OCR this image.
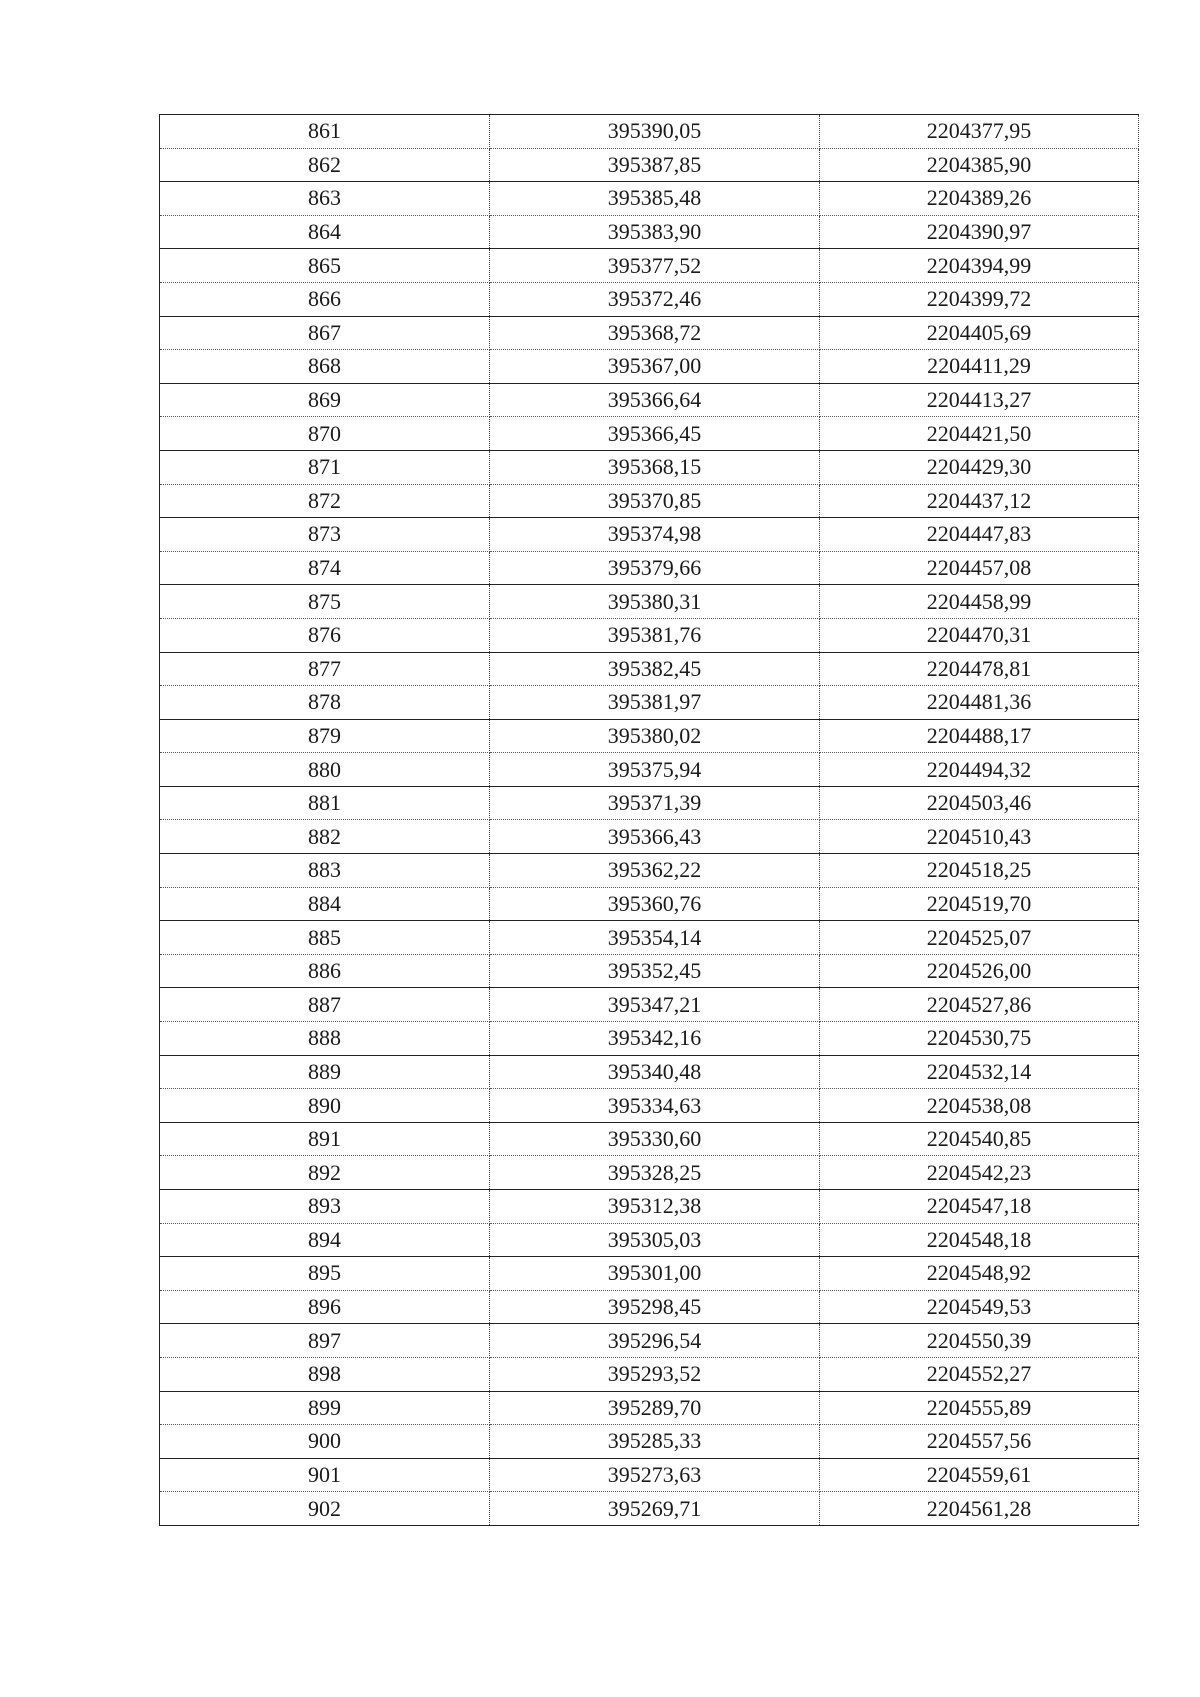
861	395390,05	2204377,95
862	395387,85	2204385,90
863	395385,48	2204389,26
864	395383,90	2204390,97
865	395377,52	2204394,99
866	395372,46	2204399,72
867	395368,72	2204405,69
868	395367,00	2204411,29
869	395366,64	2204413,27
870	395366,45	2204421,50
871	395368,15	2204429,30
872	395370,85	2204437,12
873	395374,98	2204447,83
874	395379,66	2204457,08
875	395380,31	2204458,99
876	395381,76	2204470,31
877	395382,45	2204478,81
878	395381,97	2204481,36
879	395380,02	2204488,17
880	395375,94	2204494,32
881	395371,39	2204503,46
882	395366,43	2204510,43
883	395362,22	2204518,25
884	395360,76	2204519,70
885	395354,14	2204525,07
886	395352,45	2204526,00
887	395347,21	2204527,86
888	395342,16	2204530,75
889	395340,48	2204532,14
890	395334,63	2204538,08
891	395330,60	2204540,85
892	395328,25	2204542,23
893	395312,38	2204547,18
894	395305,03	2204548,18
895	395301,00	2204548,92
896	395298,45	2204549,53
897	395296,54	2204550,39
898	395293,52	2204552,27
899	395289,70	2204555,89
900	395285,33	2204557,56
901	395273,63	2204559,61
902	395269,71	2204561,28
